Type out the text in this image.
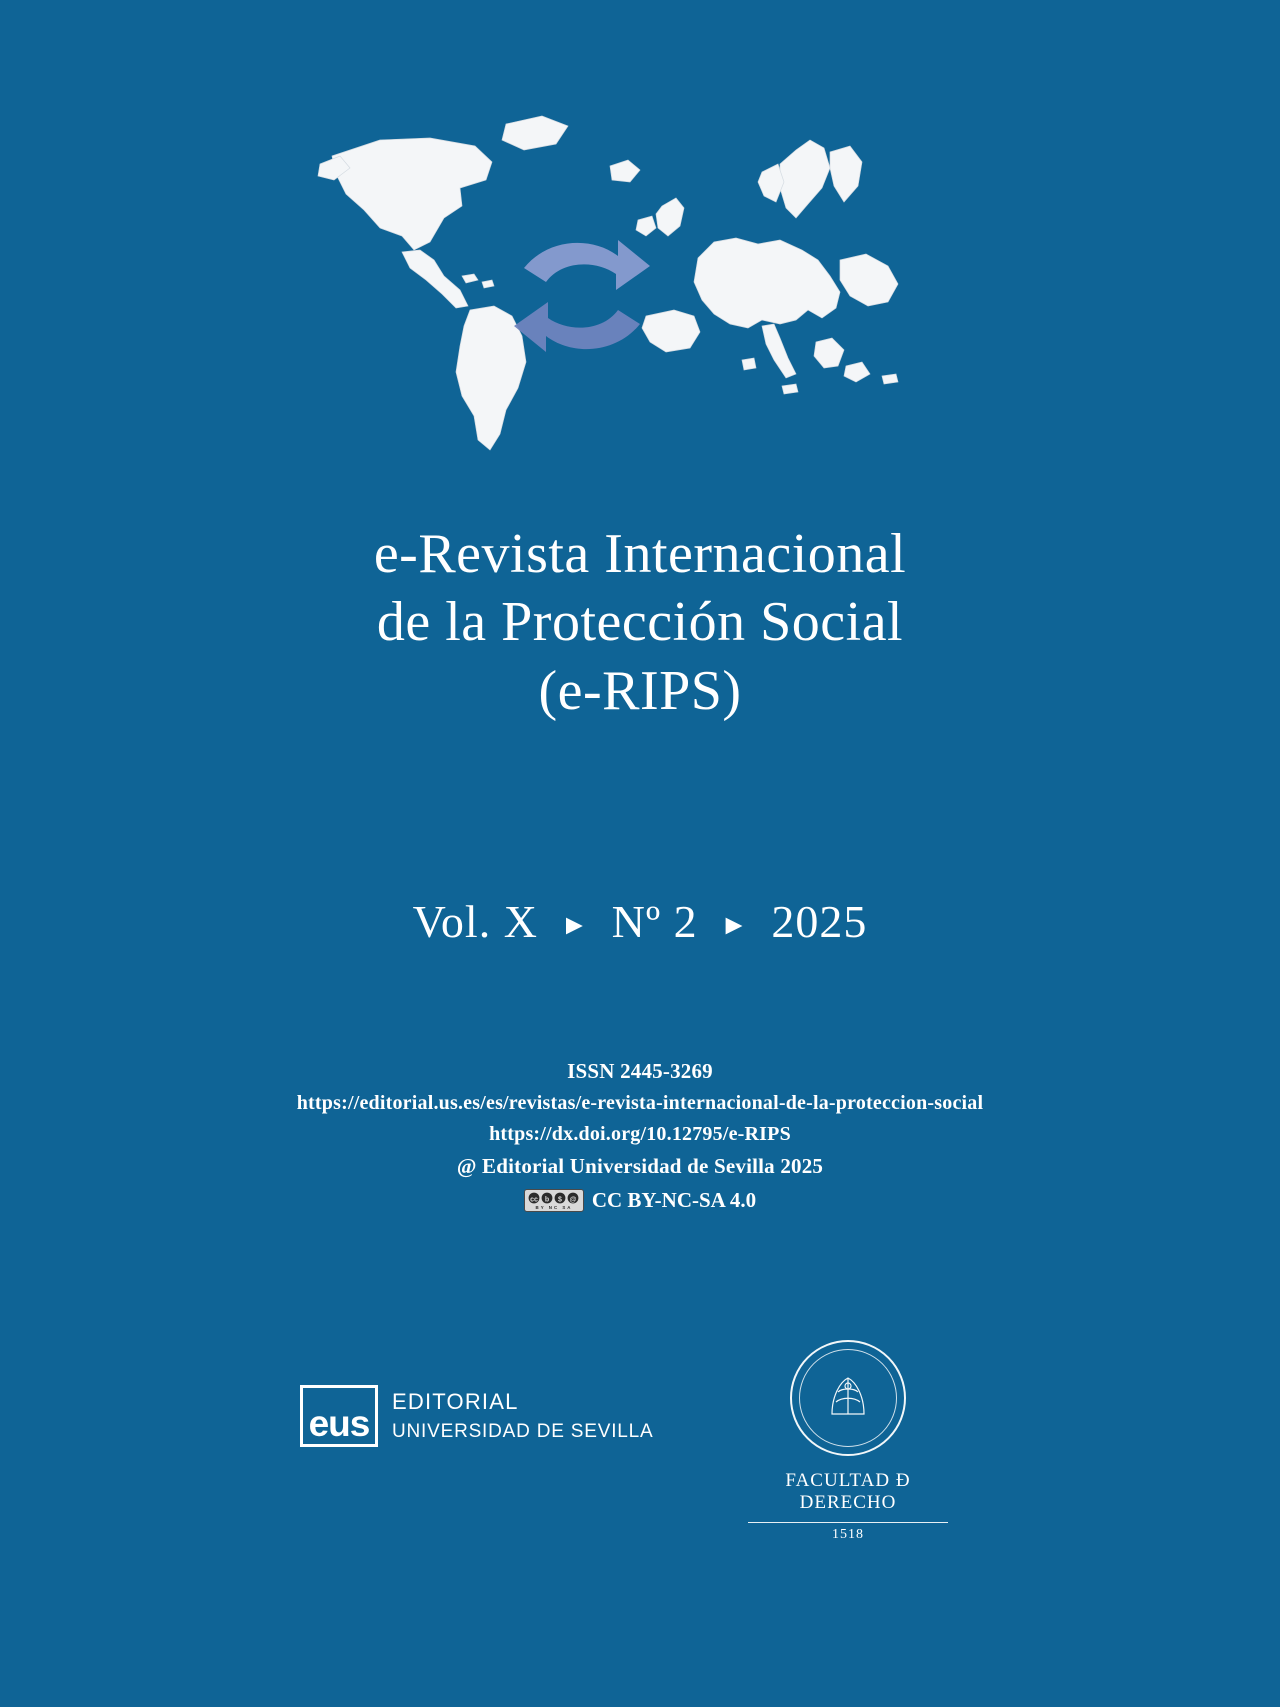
e-Revista Internacional
de la Protección Social
(e-RIPS)
Vol. X ► Nº 2 ► 2025
ISSN 2445-3269
https://editorial.us.es/es/revistas/e-revista-internacional-de-la-proteccion-social
https://dx.doi.org/10.12795/e-RIPS
@ Editorial Universidad de Sevilla 2025
cc b $ @
BY NC SA CC BY-NC-SA 4.0
eus
EDITORIAL
UNIVERSIDAD DE SEVILLA
FACULTAD Ð DERECHO
1518
